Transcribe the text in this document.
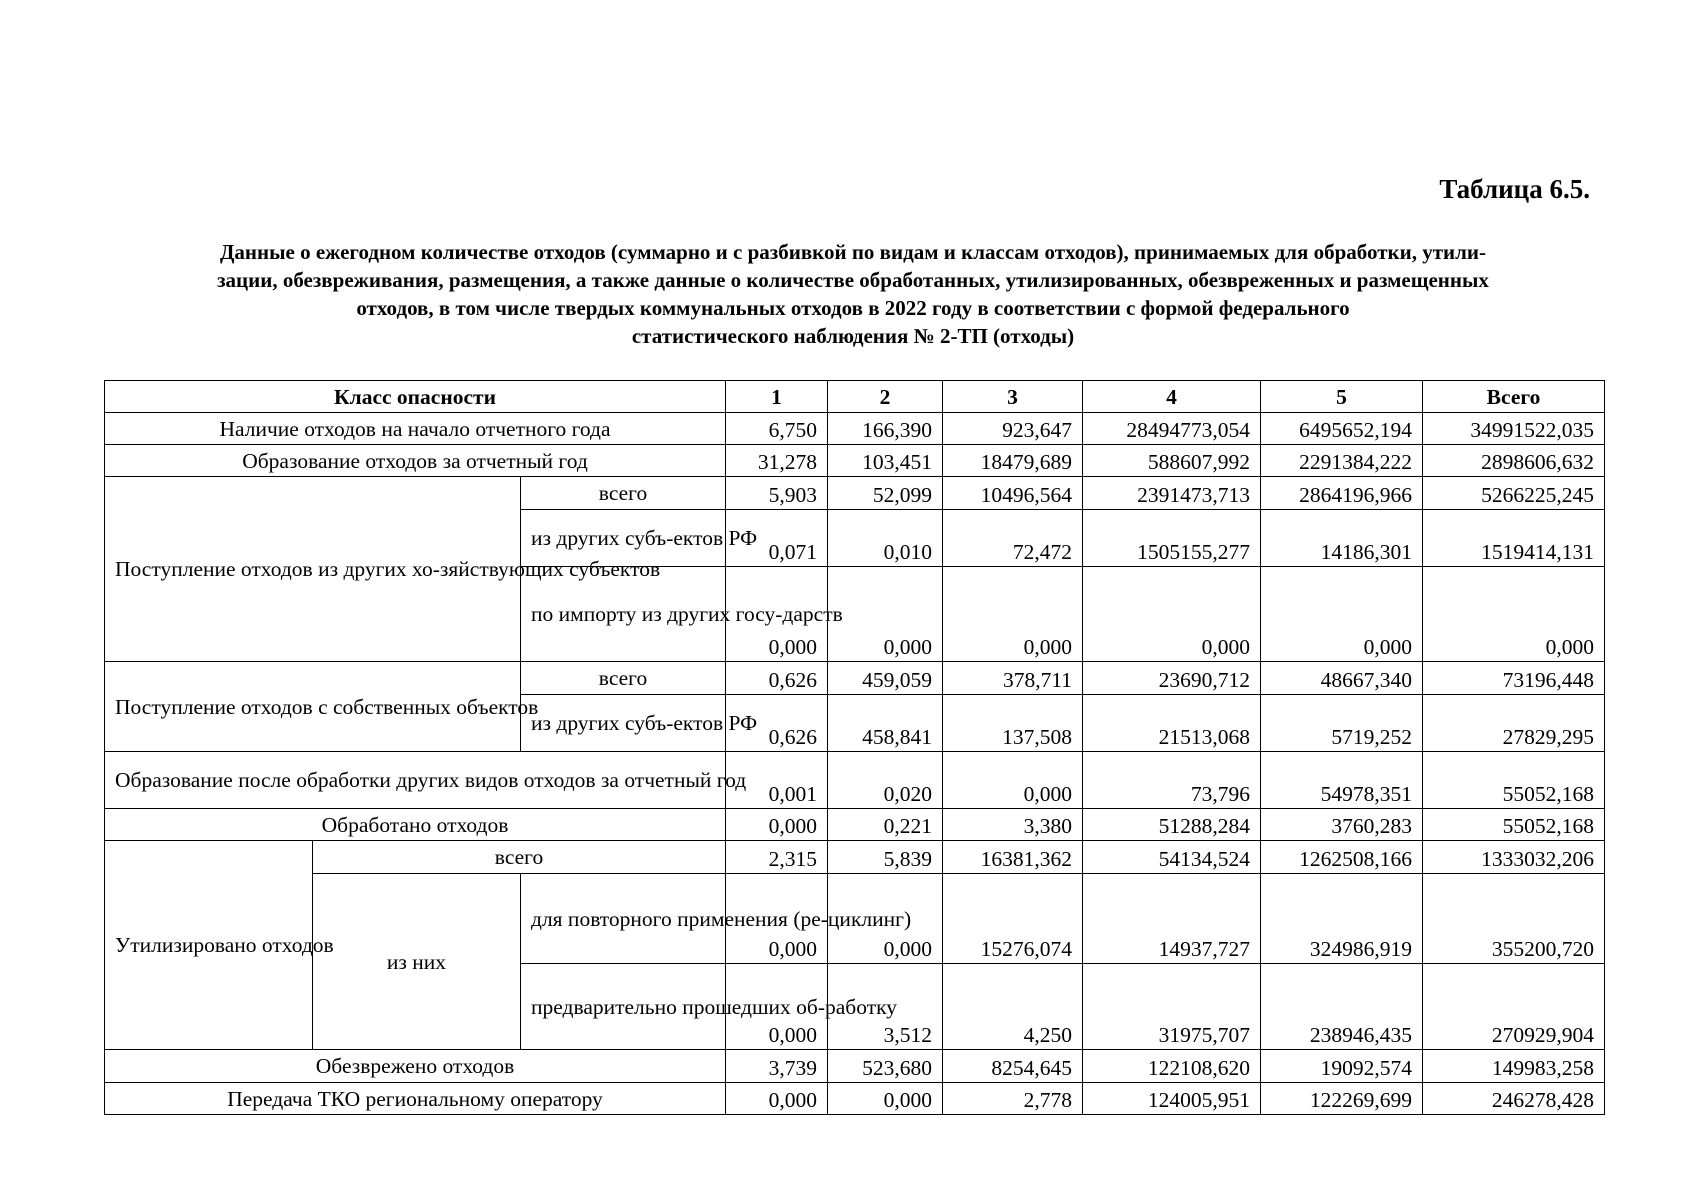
Таблица 6.5.
Данные о ежегодном количестве отходов (суммарно и с разбивкой по видам и классам отходов), принимаемых для обработки, утили-
зации, обезвреживания, размещения, а также данные о количестве обработанных, утилизированных, обезвреженных и размещенных
отходов, в том числе твердых коммунальных отходов в 2022 году в соответствии с формой федерального
статистического наблюдения № 2-ТП (отходы)
Класс опасности			1	2	3	4	5	Всего
Наличие отходов на начало отчетного года			6,750	166,390	923,647	28494773,054	6495652,194	34991522,035
Образование отходов за отчетный год			31,278	103,451	18479,689	588607,992	2291384,222	2898606,632
Поступление отходов из других хо-зяйствующих субъектов		всего	5,903	52,099	10496,564	2391473,713	2864196,966	5266225,245
		из других субъ-ектов РФ	0,071	0,010	72,472	1505155,277	14186,301	1519414,131
		по импорту из других госу-дарств	0,000	0,000	0,000	0,000	0,000	0,000
Поступление отходов с собственных объектов		всего	0,626	459,059	378,711	23690,712	48667,340	73196,448
		из других субъ-ектов РФ	0,626	458,841	137,508	21513,068	5719,252	27829,295
Образование после обработки других видов отходов за отчетный год			0,001	0,020	0,000	73,796	54978,351	55052,168
Обработано отходов			0,000	0,221	3,380	51288,284	3760,283	55052,168
Утилизировано отходов	всего		2,315	5,839	16381,362	54134,524	1262508,166	1333032,206
	из них	для повторного применения (ре-циклинг)	0,000	0,000	15276,074	14937,727	324986,919	355200,720
		предварительно прошедших об-работку	0,000	3,512	4,250	31975,707	238946,435	270929,904
Обезврежено отходов			3,739	523,680	8254,645	122108,620	19092,574	149983,258
Передача ТКО региональному оператору			0,000	0,000	2,778	124005,951	122269,699	246278,428
